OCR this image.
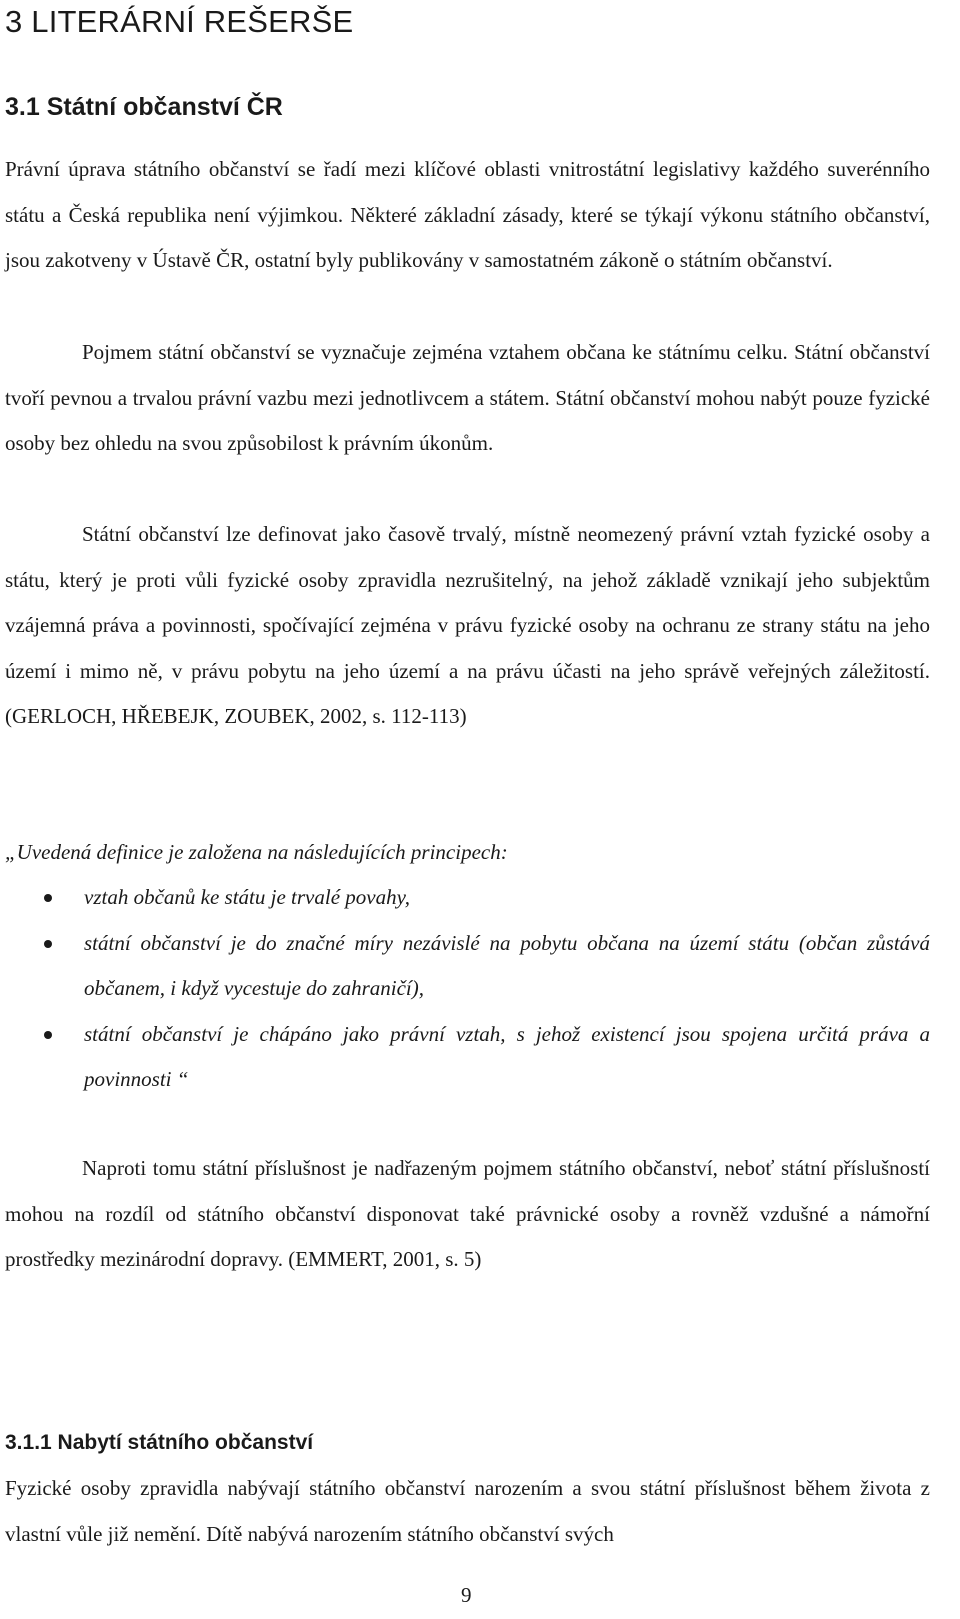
3 LITERÁRNÍ REŠERŠE
3.1 Státní občanství ČR

Právní úprava státního občanství se řadí mezi klíčové oblasti vnitrostátní legislativy každého suverénního státu a Česká republika není výjimkou. Některé základní zásady, které se týkají výkonu státního občanství, jsou zakotveny v Ústavě ČR, ostatní byly publikovány v samostatném zákoně o státním občanství.

Pojmem státní občanství se vyznačuje zejména vztahem občana ke státnímu celku. Státní občanství tvoří pevnou a trvalou právní vazbu mezi jednotlivcem a státem. Státní občanství mohou nabýt pouze fyzické osoby bez ohledu na svou způsobilost k právním úkonům.

Státní občanství lze definovat jako časově trvalý, místně neomezený právní vztah fyzické osoby a státu, který je proti vůli fyzické osoby zpravidla nezrušitelný, na jehož základě vznikají jeho subjektům vzájemná práva a povinnosti, spočívající zejména v právu fyzické osoby na ochranu ze strany státu na jeho území i mimo ně, v právu pobytu na jeho území a na právu účasti na jeho správě veřejných záležitostí. (GERLOCH, HŘEBEJK, ZOUBEK, 2002, s. 112-113)

„Uvedená definice je založena na následujících principech:

vztah občanů ke státu je trvalé povahy,
státní občanství je do značné míry nezávislé na pobytu občana na území státu (občan zůstává občanem, i když vycestuje do zahraničí),
státní občanství je chápáno jako právní vztah, s jehož existencí jsou spojena určitá práva a povinnosti “

Naproti tomu státní příslušnost je nadřazeným pojmem státního občanství, neboť státní příslušností mohou na rozdíl od státního občanství disponovat také právnické osoby a rovněž vzdušné a námořní prostředky mezinárodní dopravy. (EMMERT, 2001, s. 5)

3.1.1 Nabytí státního občanství

Fyzické osoby zpravidla nabývají státního občanství narozením a svou státní příslušnost během života z vlastní vůle již nemění. Dítě nabývá narozením státního občanství svých

9
